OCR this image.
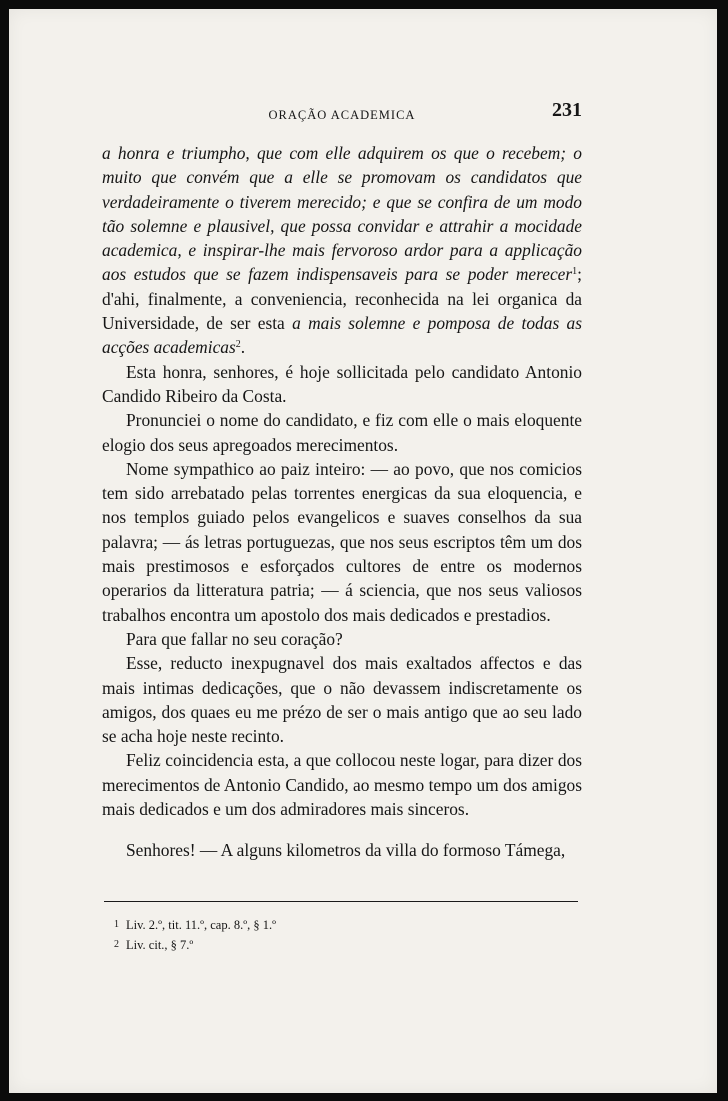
ORAÇÃO ACADEMICA	231

a honra e triumpho, que com elle adquirem os que o recebem; o muito que convém que a elle se promovam os candidatos que verdadeiramente o tiverem merecido; e que se confira de um modo tão solemne e plausivel, que possa convidar e attrahir a mocidade academica, e inspirar-lhe mais fervoroso ardor para a applicação aos estudos que se fazem indispensaveis para se poder merecer$^1$; d'ahi, finalmente, a conveniencia, reconhecida na lei organica da Universidade, de ser esta a mais solemne e pomposa de todas as acções academicas$^2$.

Esta honra, senhores, é hoje sollicitada pelo candidato Antonio Candido Ribeiro da Costa.

Pronunciei o nome do candidato, e fiz com elle o mais eloquente elogio dos seus apregoados merecimentos.

Nome sympathico ao paiz inteiro: — ao povo, que nos comicios tem sido arrebatado pelas torrentes energicas da sua eloquencia, e nos templos guiado pelos evangelicos e suaves conselhos da sua palavra; — ás letras portuguezas, que nos seus escriptos têm um dos mais prestimosos e esforçados cultores de entre os modernos operarios da litteratura patria; — á sciencia, que nos seus valiosos trabalhos encontra um apostolo dos mais dedicados e prestadios.

Para que fallar no seu coração?

Esse, reducto inexpugnavel dos mais exaltados affectos e das mais intimas dedicações, que o não devassem indiscretamente os amigos, dos quaes eu me prézo de ser o mais antigo que ao seu lado se acha hoje neste recinto.

Feliz coincidencia esta, a que collocou neste logar, para dizer dos merecimentos de Antonio Candido, ao mesmo tempo um dos amigos mais dedicados e um dos admiradores mais sinceros.

Senhores! — A alguns kilometros da villa do formoso Támega,

1 Liv. 2.º, tit. 11.º, cap. 8.º, § 1.º
2 Liv. cit., § 7.º
